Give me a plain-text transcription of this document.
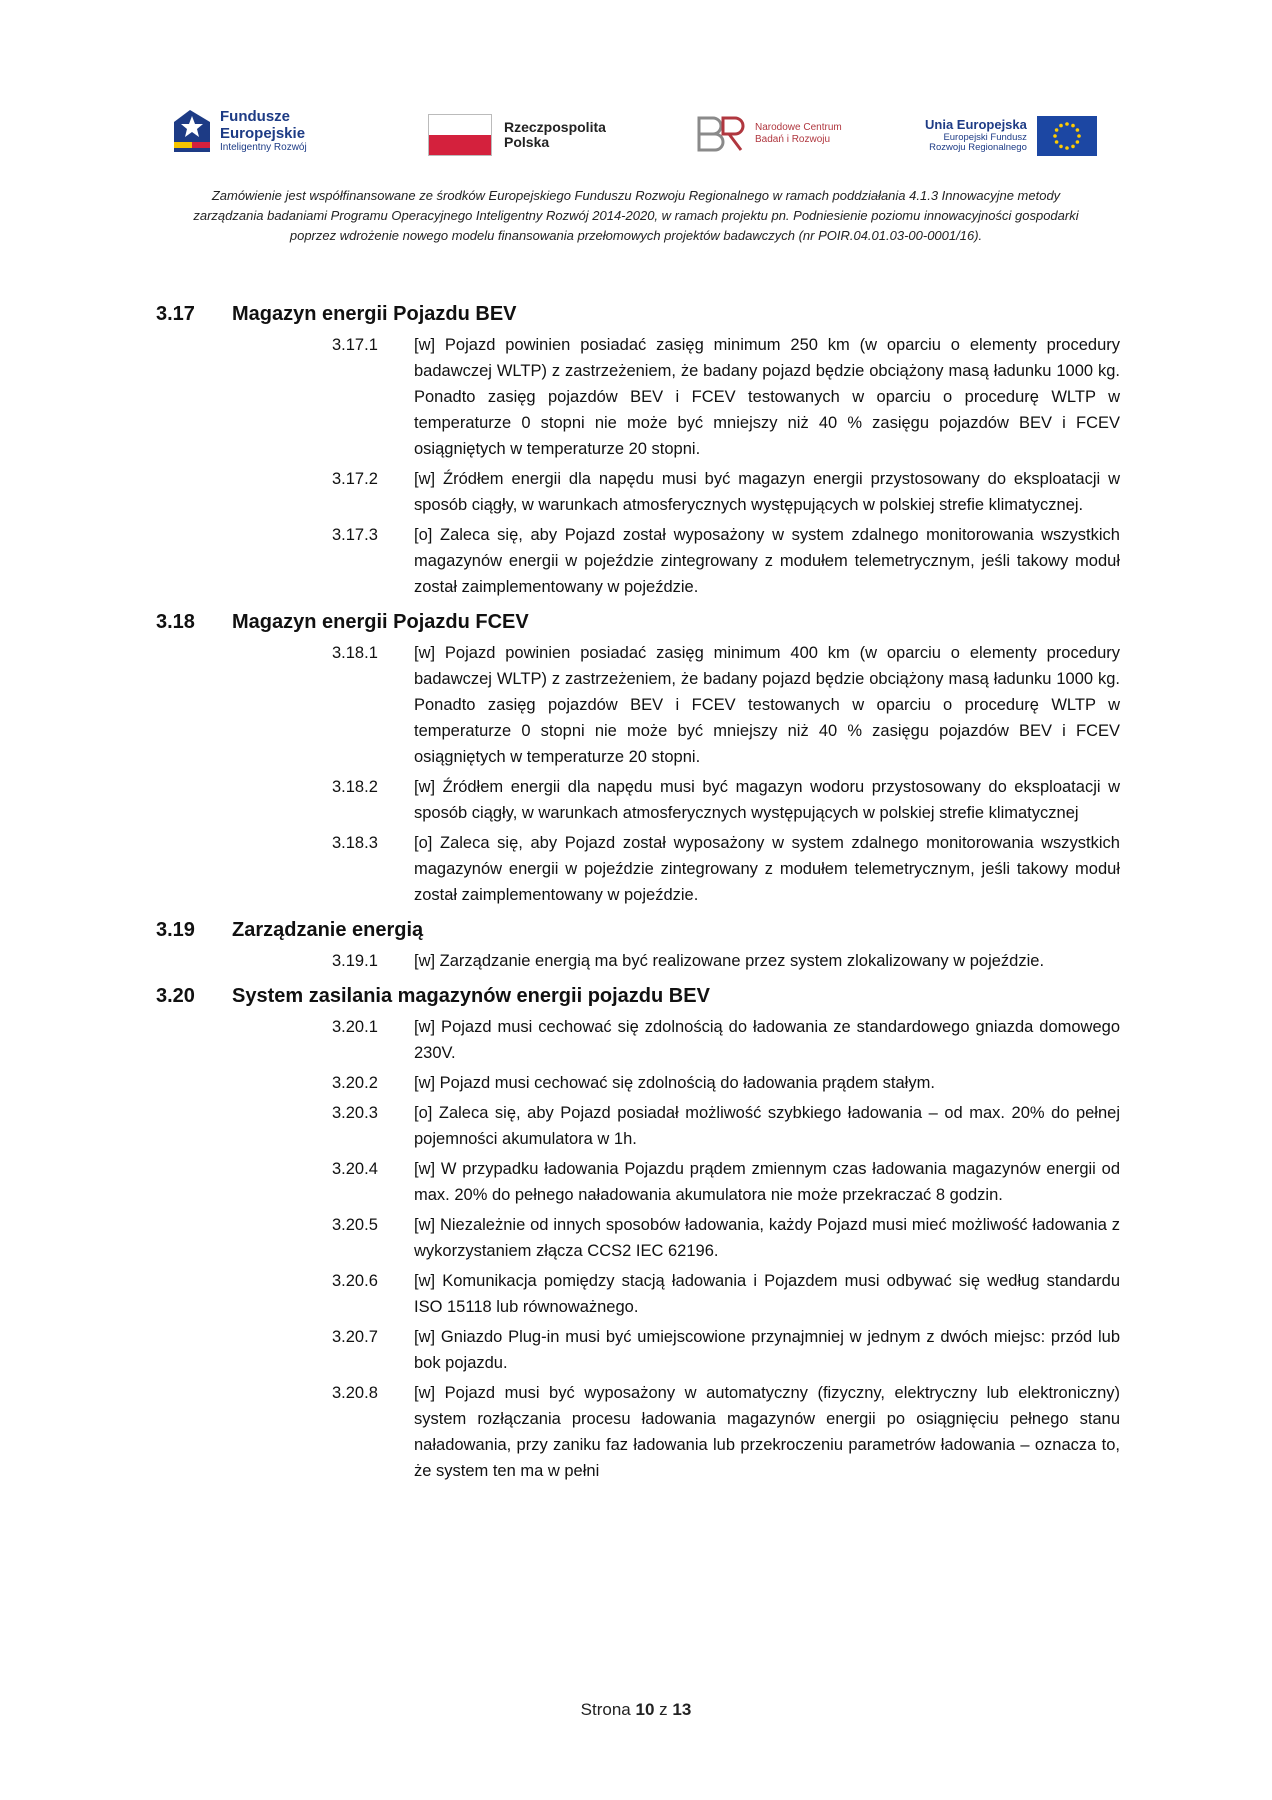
Fundusze
Europejskie
Inteligentny Rozwój
Rzeczpospolita
Polska
Narodowe Centrum
Badań i Rozwoju
Unia Europejska
Europejski Fundusz
Rozwoju Regionalnego
Zamówienie jest współfinansowane ze środków Europejskiego Funduszu Rozwoju Regionalnego w ramach poddziałania 4.1.3 Innowacyjne metody zarządzania badaniami Programu Operacyjnego Inteligentny Rozwój 2014-2020, w ramach projektu pn. Podniesienie poziomu innowacyjności gospodarki poprzez wdrożenie nowego modelu finansowania przełomowych projektów badawczych (nr POIR.04.01.03-00-0001/16).
3.17	Magazyn energii Pojazdu BEV
3.17.1	[w] Pojazd powinien posiadać zasięg minimum 250 km (w oparciu o elementy procedury badawczej WLTP) z zastrzeżeniem, że badany pojazd będzie obciążony masą ładunku 1000 kg. Ponadto zasięg pojazdów BEV i FCEV testowanych w oparciu o procedurę WLTP w temperaturze 0 stopni nie może być mniejszy niż 40 % zasięgu pojazdów BEV i FCEV osiągniętych w temperaturze 20 stopni.
3.17.2	[w] Źródłem energii dla napędu musi być magazyn energii przystosowany do eksploatacji w sposób ciągły, w warunkach atmosferycznych występujących w polskiej strefie klimatycznej.
3.17.3	[o] Zaleca się, aby Pojazd został wyposażony w system zdalnego monitorowania wszystkich magazynów energii w pojeździe zintegrowany z modułem telemetrycznym, jeśli takowy moduł został zaimplementowany w pojeździe.
3.18	Magazyn energii Pojazdu FCEV
3.18.1	[w] Pojazd powinien posiadać zasięg minimum 400 km (w oparciu o elementy procedury badawczej WLTP) z zastrzeżeniem, że badany pojazd będzie obciążony masą ładunku 1000 kg. Ponadto zasięg pojazdów BEV i FCEV testowanych w oparciu o procedurę WLTP w temperaturze 0 stopni nie może być mniejszy niż 40 % zasięgu pojazdów BEV i FCEV osiągniętych w temperaturze 20 stopni.
3.18.2	[w] Źródłem energii dla napędu musi być magazyn wodoru przystosowany do eksploatacji w sposób ciągły, w warunkach atmosferycznych występujących w polskiej strefie klimatycznej
3.18.3	[o] Zaleca się, aby Pojazd został wyposażony w system zdalnego monitorowania wszystkich magazynów energii w pojeździe zintegrowany z modułem telemetrycznym, jeśli takowy moduł został zaimplementowany w pojeździe.
3.19	Zarządzanie energią
3.19.1	[w] Zarządzanie energią ma być realizowane przez system zlokalizowany w pojeździe.
3.20	System zasilania magazynów energii pojazdu BEV
3.20.1	[w] Pojazd musi cechować się zdolnością do ładowania ze standardowego gniazda domowego 230V.
3.20.2	[w] Pojazd musi cechować się zdolnością do ładowania prądem stałym.
3.20.3	[o] Zaleca się, aby Pojazd posiadał możliwość szybkiego ładowania – od max. 20% do pełnej pojemności akumulatora w 1h.
3.20.4	[w] W przypadku ładowania Pojazdu prądem zmiennym czas ładowania magazynów energii od max. 20% do pełnego naładowania akumulatora nie może przekraczać 8 godzin.
3.20.5	[w] Niezależnie od innych sposobów ładowania, każdy Pojazd musi mieć możliwość ładowania z wykorzystaniem złącza CCS2 IEC 62196.
3.20.6	[w] Komunikacja pomiędzy stacją ładowania i Pojazdem musi odbywać się według standardu ISO 15118 lub równoważnego.
3.20.7	[w] Gniazdo Plug-in musi być umiejscowione przynajmniej w jednym z dwóch miejsc: przód lub bok pojazdu.
3.20.8	[w] Pojazd musi być wyposażony w automatyczny (fizyczny, elektryczny lub elektroniczny) system rozłączania procesu ładowania magazynów energii po osiągnięciu pełnego stanu naładowania, przy zaniku faz ładowania lub przekroczeniu parametrów ładowania – oznacza to, że system ten ma w pełni
Strona 10 z 13
